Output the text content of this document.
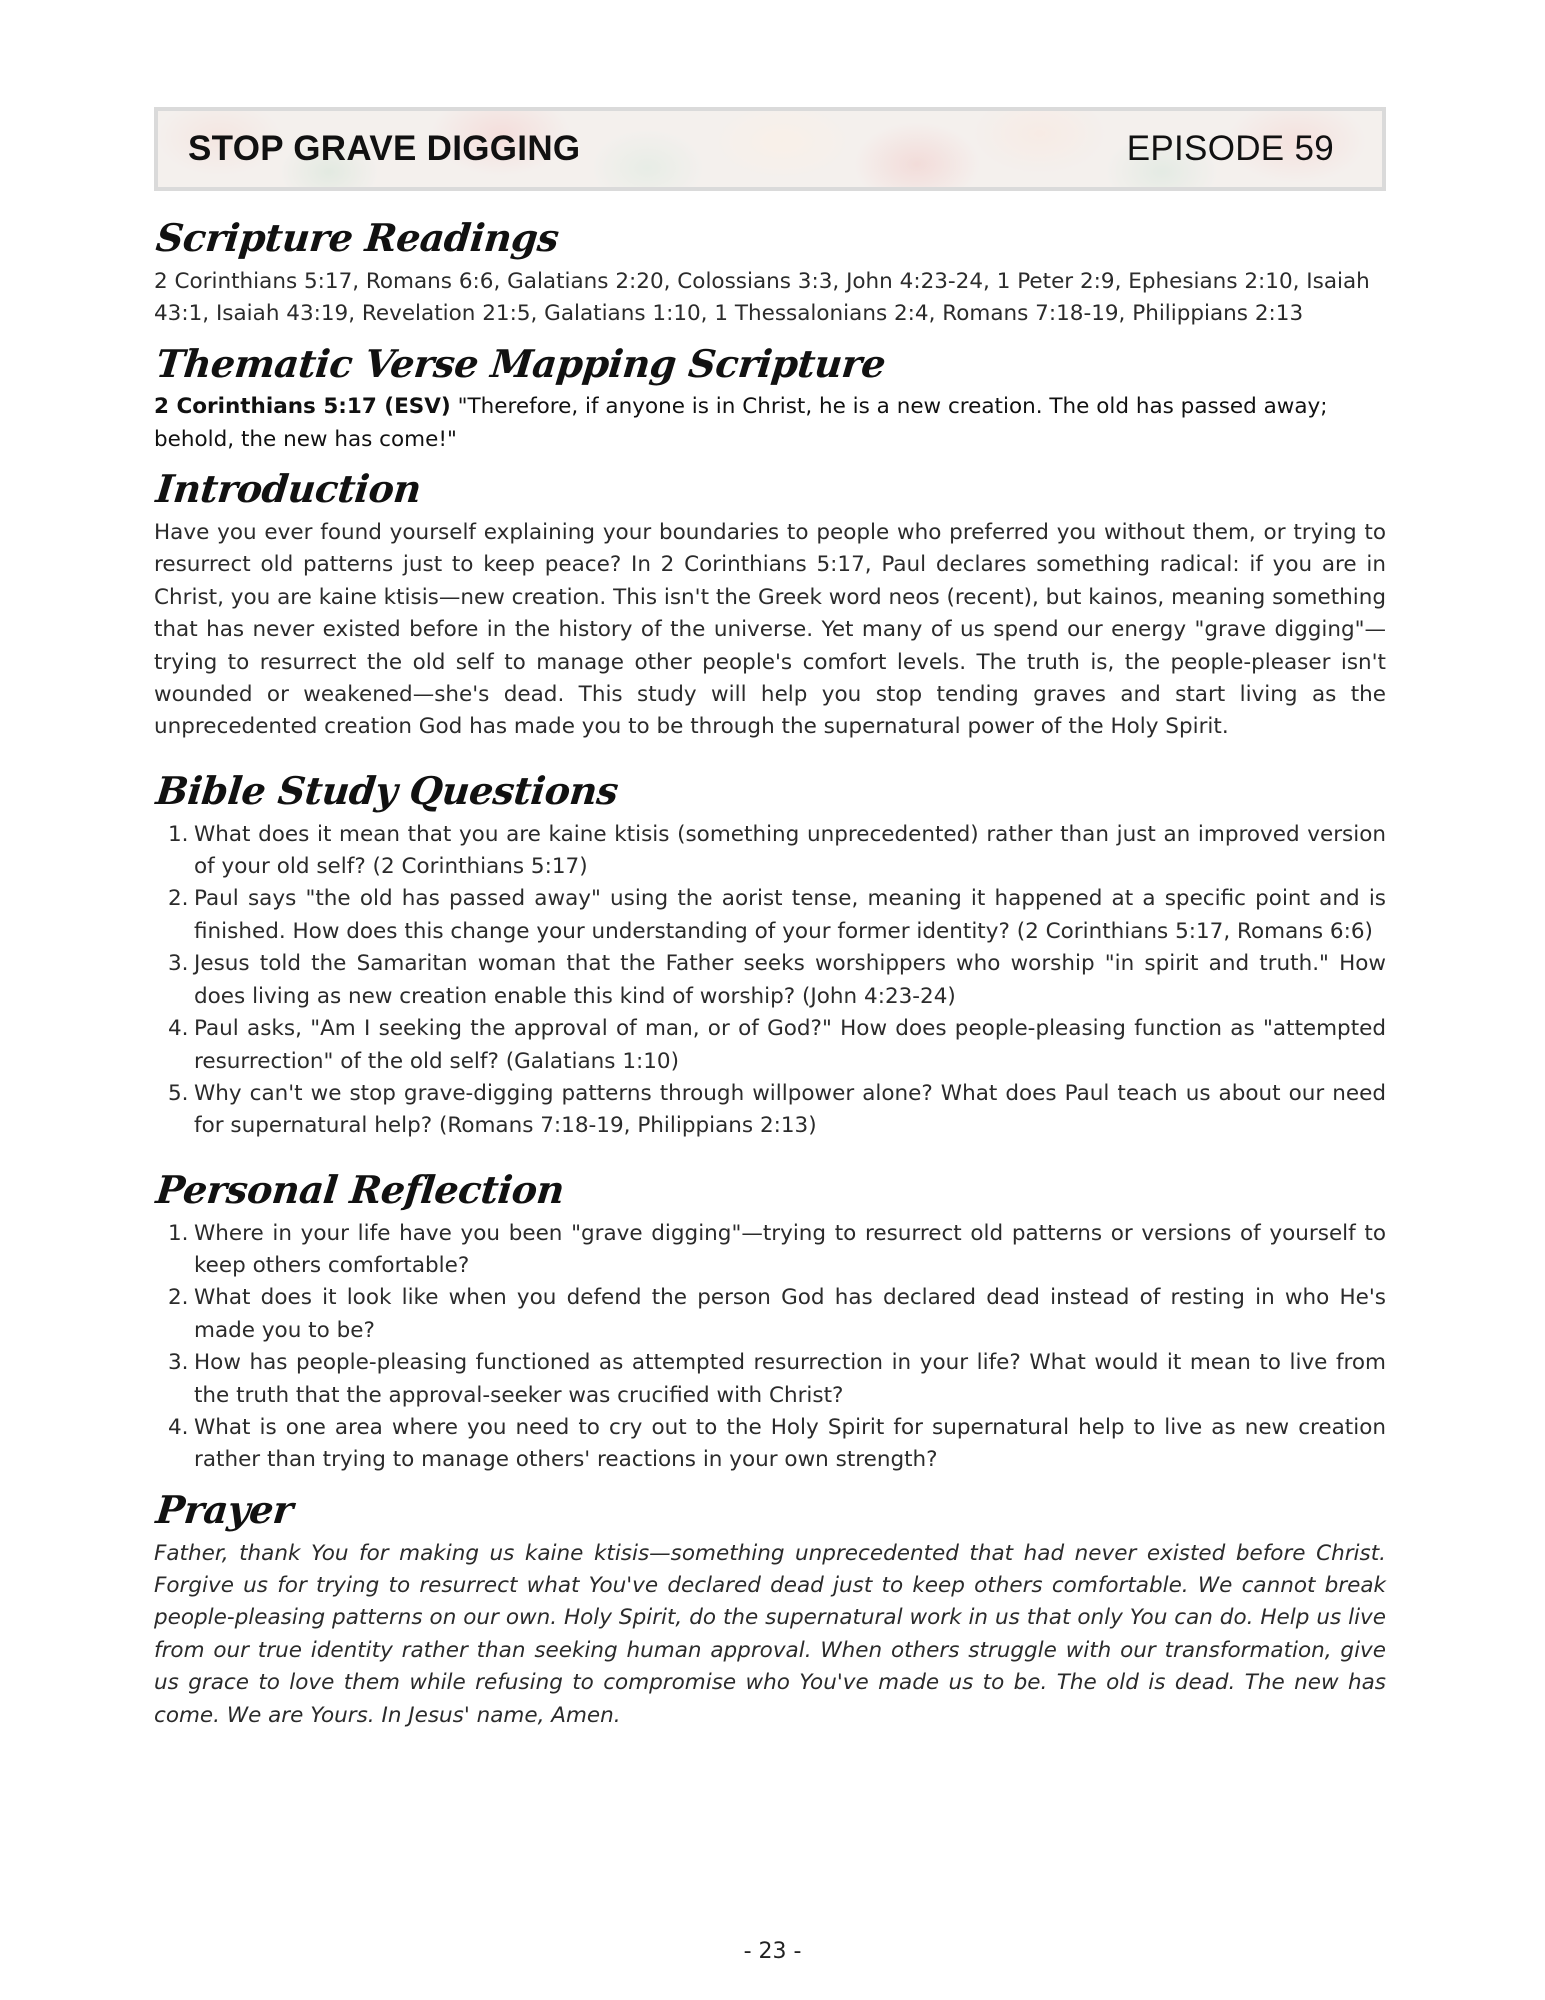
STOP GRAVE DIGGING	EPISODE 59
Scripture Readings

2 Corinthians 5:17, Romans 6:6, Galatians 2:20, Colossians 3:3, John 4:23-24, 1 Peter 2:9, Ephesians 2:10, Isaiah 43:1, Isaiah 43:19, Revelation 21:5, Galatians 1:10, 1 Thessalonians 2:4, Romans 7:18-19, Philippians 2:13

Thematic Verse Mapping Scripture

2 Corinthians 5:17 (ESV) "Therefore, if anyone is in Christ, he is a new creation. The old has passed away; behold, the new has come!"

Introduction

Have you ever found yourself explaining your boundaries to people who preferred you without them, or trying to resurrect old patterns just to keep peace? In 2 Corinthians 5:17, Paul declares something radical: if you are in Christ, you are kaine ktisis—new creation. This isn't the Greek word neos (recent), but kainos, meaning something that has never existed before in the history of the universe. Yet many of us spend our energy "grave digging"—trying to resurrect the old self to manage other people's comfort levels. The truth is, the people-pleaser isn't wounded or weakened—she's dead. This study will help you stop tending graves and start living as the unprecedented creation God has made you to be through the supernatural power of the Holy Spirit.

Bible Study Questions
1. What does it mean that you are kaine ktisis (something unprecedented) rather than just an improved version of your old self? (2 Corinthians 5:17)
2. Paul says "the old has passed away" using the aorist tense, meaning it happened at a specific point and is finished. How does this change your understanding of your former identity? (2 Corinthians 5:17, Romans 6:6)
3. Jesus told the Samaritan woman that the Father seeks worshippers who worship "in spirit and truth." How does living as new creation enable this kind of worship? (John 4:23-24)
4. Paul asks, "Am I seeking the approval of man, or of God?" How does people-pleasing function as "attempted resurrection" of the old self? (Galatians 1:10)
5. Why can't we stop grave-digging patterns through willpower alone? What does Paul teach us about our need for supernatural help? (Romans 7:18-19, Philippians 2:13)
Personal Reflection
1. Where in your life have you been "grave digging"—trying to resurrect old patterns or versions of yourself to keep others comfortable?
2. What does it look like when you defend the person God has declared dead instead of resting in who He's made you to be?
3. How has people-pleasing functioned as attempted resurrection in your life? What would it mean to live from the truth that the approval-seeker was crucified with Christ?
4. What is one area where you need to cry out to the Holy Spirit for supernatural help to live as new creation rather than trying to manage others' reactions in your own strength?
Prayer

Father, thank You for making us kaine ktisis—something unprecedented that had never existed before Christ. Forgive us for trying to resurrect what You've declared dead just to keep others comfortable. We cannot break people-pleasing patterns on our own. Holy Spirit, do the supernatural work in us that only You can do. Help us live from our true identity rather than seeking human approval. When others struggle with our transformation, give us grace to love them while refusing to compromise who You've made us to be. The old is dead. The new has come. We are Yours. In Jesus' name, Amen.

- 23 -
